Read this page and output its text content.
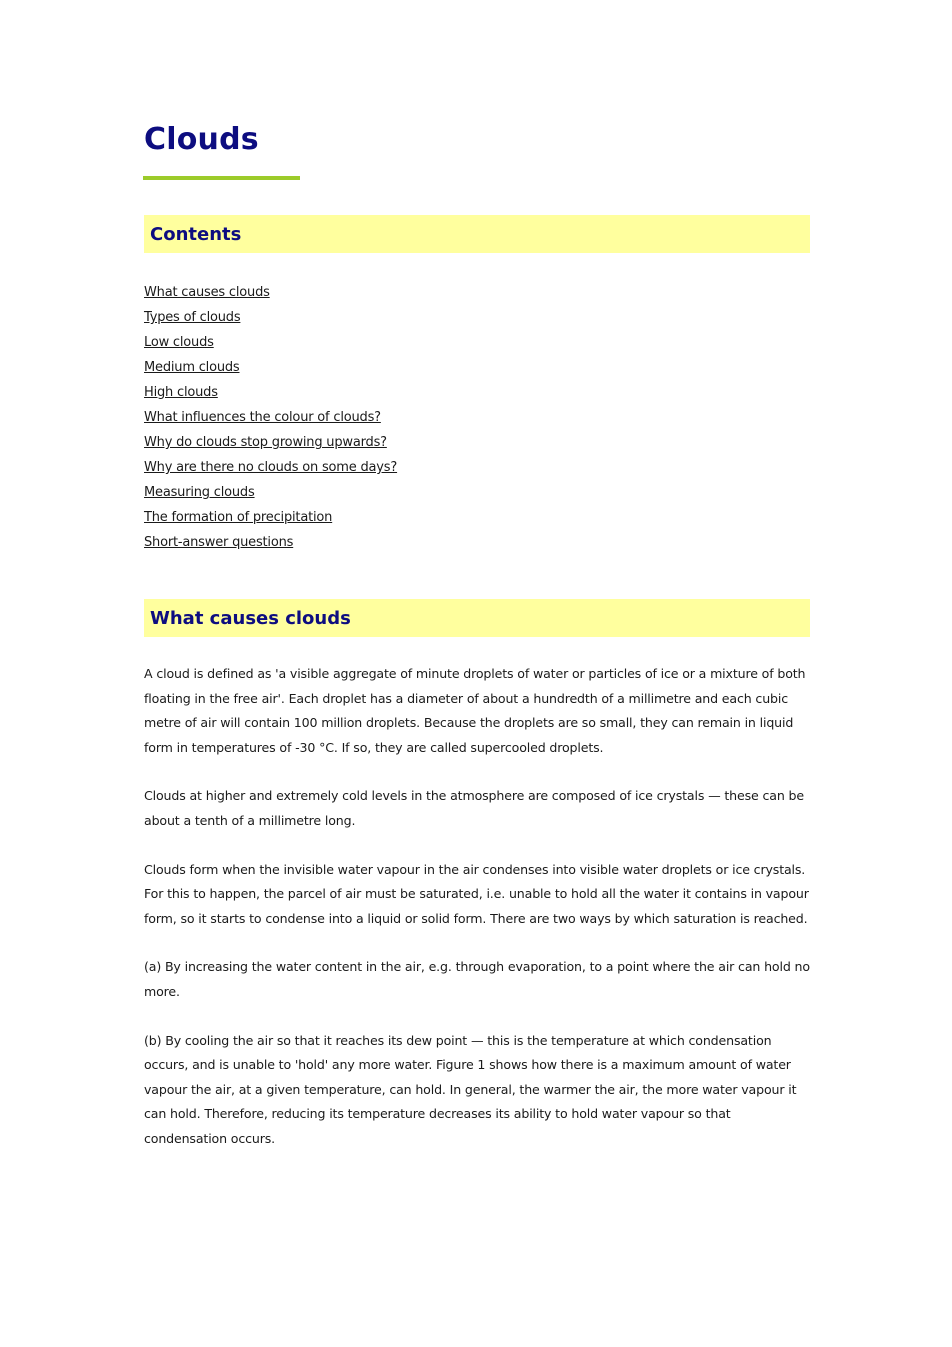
Clouds
Contents
What causes clouds
Types of clouds
Low clouds
Medium clouds
High clouds
What influences the colour of clouds?
Why do clouds stop growing upwards?
Why are there no clouds on some days?
Measuring clouds
The formation of precipitation
Short-answer questions
What causes clouds

A cloud is defined as 'a visible aggregate of minute droplets of water or particles of ice or a mixture of both floating in the free air'. Each droplet has a diameter of about a hundredth of a millimetre and each cubic metre of air will contain 100 million droplets. Because the droplets are so small, they can remain in liquid form in temperatures of -30 °C. If so, they are called supercooled droplets.

Clouds at higher and extremely cold levels in the atmosphere are composed of ice crystals — these can be about a tenth of a millimetre long.

Clouds form when the invisible water vapour in the air condenses into visible water droplets or ice crystals. For this to happen, the parcel of air must be saturated, i.e. unable to hold all the water it contains in vapour form, so it starts to condense into a liquid or solid form. There are two ways by which saturation is reached.

(a) By increasing the water content in the air, e.g. through evaporation, to a point where the air can hold no more.

(b) By cooling the air so that it reaches its dew point — this is the temperature at which condensation occurs, and is unable to 'hold' any more water. Figure 1 shows how there is a maximum amount of water vapour the air, at a given temperature, can hold. In general, the warmer the air, the more water vapour it can hold. Therefore, reducing its temperature decreases its ability to hold water vapour so that condensation occurs.
